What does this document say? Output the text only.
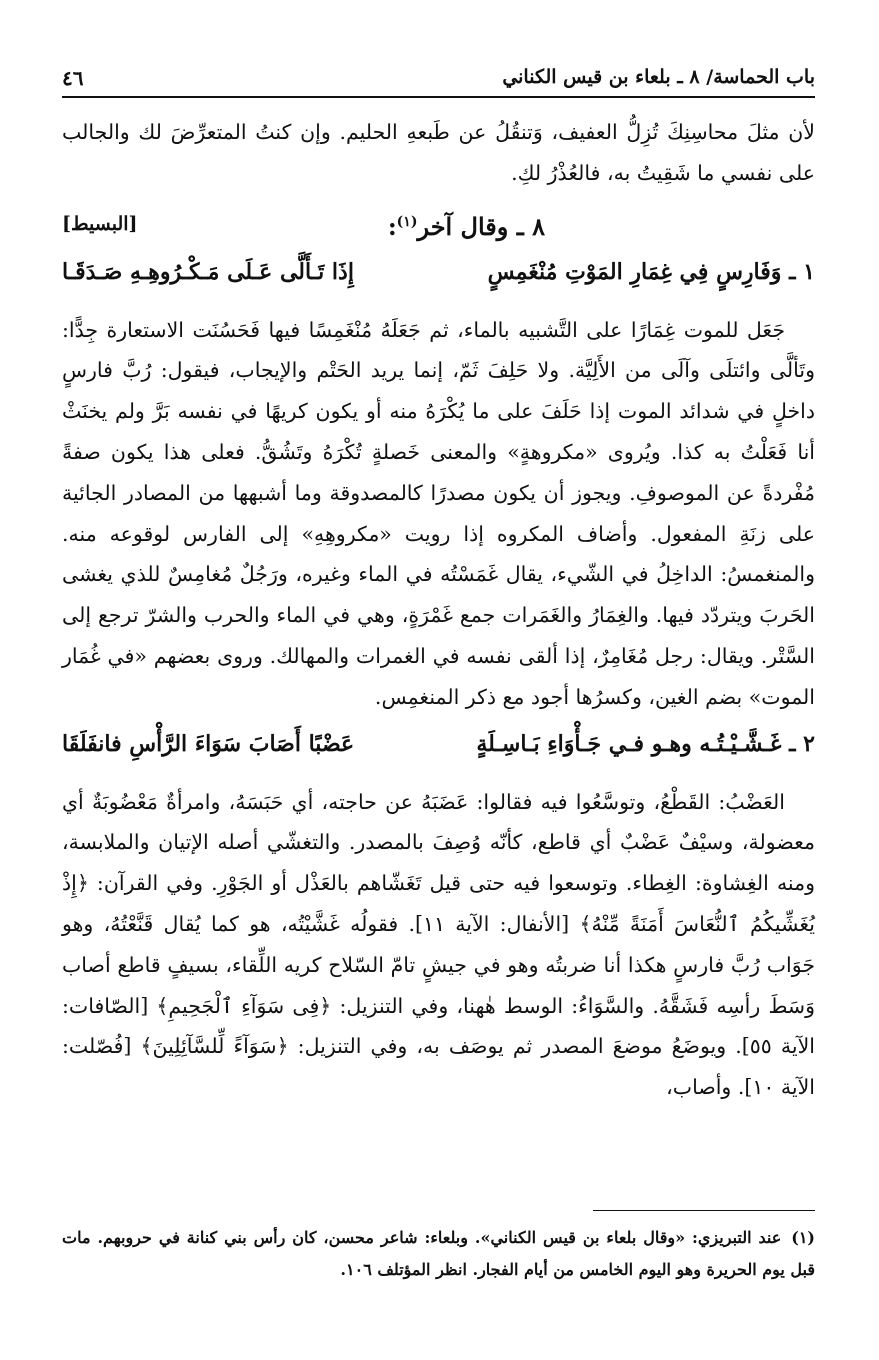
باب الحماسة/ ٨ ـ بلعاء بن قيس الكناني
٤٦

لأن مثلَ محاسِنِكَ تُزِلُّ العفيف، وَتنقُلُ عن طَبعهِ الحليم. وإن كنتُ المتعرِّضَ لك والجالب على نفسي ما شَقِيتُ به، فالعُذْرُ لكِ.

٨ ـ وقال آخر$^{(١)}$:
[البسيط]
١ ـ وَفَارِسٍ فِي غِمَارِ المَوْتِ مُنْغَمِسٍ
إِذَا تَـأَلَّى عَـلَى مَـكْـرُوهِـهِ صَـدَقَـا

جَعَل للموت غِمَارًا على التَّشبيه بالماء، ثم جَعَلَهُ مُنْغَمِسًا فيها فَحَسُنَت الاستعارة جِدًّا: وتَألَّى وائتلَى وآلَى من الأَلِيَّة. ولا حَلِفَ ثَمّ، إنما يريد الحَتْم والإيجاب، فيقول: رُبَّ فارسٍ داخلٍ في شدائد الموت إذا حَلَفَ على ما يُكْرَهُ منه أو يكون كريهًا في نفسه بَرَّ ولم يخنَثْ أنا فَعَلْتُ به كذا. ويُروى «مكروهةٍ» والمعنى خَصلةٍ تُكْرَهُ وتَشُقُّ. فعلى هذا يكون صفةً مُفْردةً عن الموصوفِ. ويجوز أن يكون مصدرًا كالمصدوقة وما أشبهها من المصادر الجائية على زنَةِ المفعول. وأضاف المكروه إذا رويت «مكروهِهِ» إلى الفارس لوقوعه منه. والمنغمسُ: الداخِلُ في الشّيء، يقال غَمَسْتُه في الماء وغيره، ورَجُلٌ مُغامِسٌ للذي يغشى الحَربَ ويتردّد فيها. والغِمَارُ والغَمَرات جمع غَمْرَةٍ، وهي في الماء والحرب والشرّ ترجع إلى السَّتْر. ويقال: رجل مُغَامِرٌ، إذا ألقى نفسه في الغمرات والمهالك. وروى بعضهم «في غُمَار الموت» بضم الغين، وكسرُها أجود مع ذكر المنغمِس.

٢ ـ غَـشَّـيْـتُـه وهـو فـي جَـأْوَاءِ بَـاسِـلَةٍ
عَضْبًا أَصَابَ سَوَاءَ الرَّأْسِ فانفَلَقَا

العَضْبُ: القَطْعُ، وتوسَّعُوا فيه فقالوا: عَضَبَهُ عن حاجته، أي حَبَسَهُ، وامرأةٌ مَعْضُوبَةٌ أي معضولة، وسيْفٌ عَضْبٌ أي قاطع، كأنّه وُصِفَ بالمصدر. والتغشّي أصله الإتيان والملابسة، ومنه الغِشاوة: الغِطاء. وتوسعوا فيه حتى قيل تَغَشّاهم بالعَذْل أو الجَوْرِ. وفي القرآن: ﴿إِذْ يُغَشِّيكُمُ ٱلنُّعَاسَ أَمَنَةً مِّنْهُ﴾ [الأنفال: الآية ١١]. فقولُه غَشَّيْتُه، هو كما يُقال قَنَّعْتُهُ، وهو جَوَاب رُبَّ فارسٍ هكذا أنا ضربتُه وهو في جيشٍ تامّ السّلاح كريه اللِّقاء، بسيفٍ قاطع أصاب وَسَطَ رأسِه فَشَقَّهُ. والسَّوَاءُ: الوسط هٰهنا، وفي التنزيل: ﴿فِى سَوَآءِ ٱلْجَحِيمِ﴾ [الصّافات: الآية ٥٥]. ويوضَعُ موضعَ المصدر ثم يوصَف به، وفي التنزيل: ﴿سَوَآءً لِّلسَّآئِلِينَ﴾ [فُصّلت: الآية ١٠]. وأصاب،

(١)عند التبريزي: «وقال بلعاء بن قيس الكناني». وبلعاء: شاعر محسن، كان رأس بني كنانة في حروبهم. مات قبل يوم الحريرة وهو اليوم الخامس من أيام الفجار. انظر المؤتلف ١٠٦.
